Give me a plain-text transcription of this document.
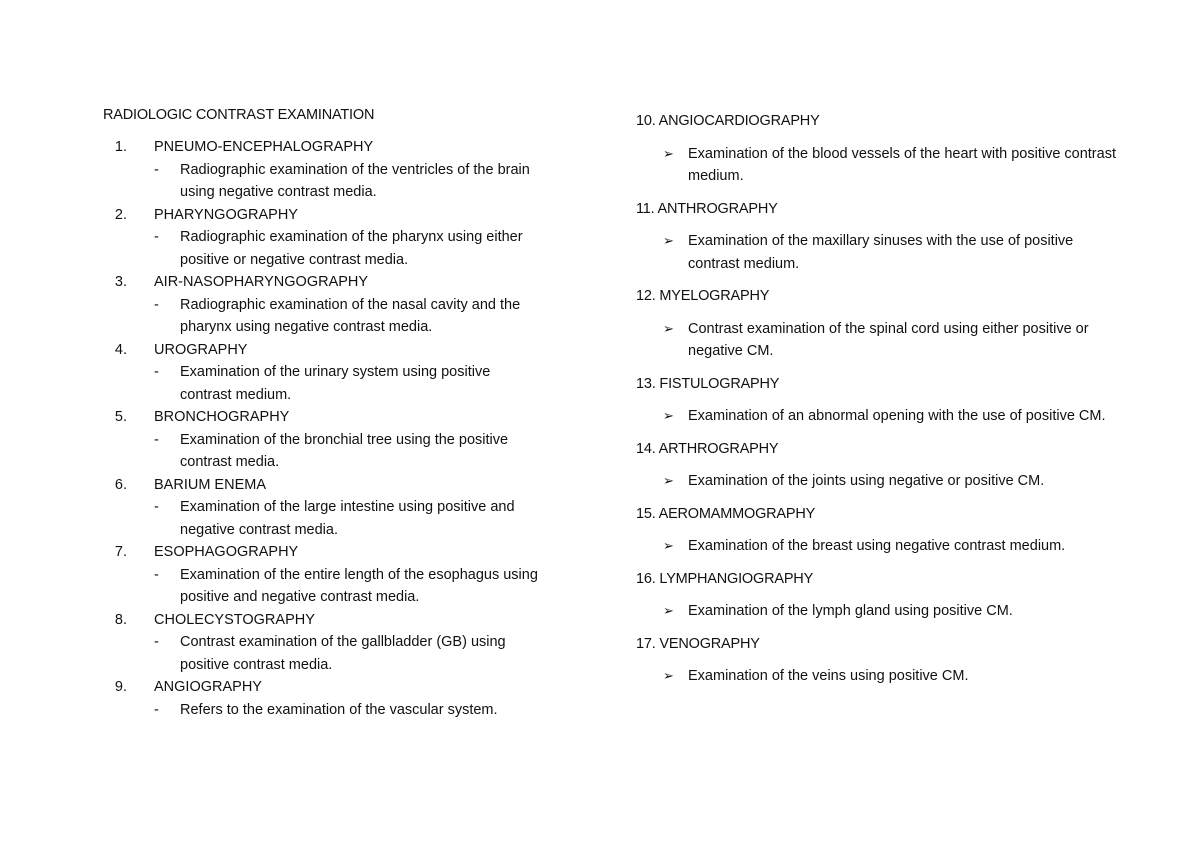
RADIOLOGIC CONTRAST EXAMINATION
1. PNEUMO-ENCEPHALOGRAPHY
-	Radiographic examination of the ventricles of the brain using negative contrast media.
2. PHARYNGOGRAPHY
-	Radiographic examination of the pharynx using either positive or negative contrast media.
3. AIR-NASOPHARYNGOGRAPHY
-	Radiographic examination of the nasal cavity and the pharynx using negative contrast media.
4. UROGRAPHY
-	Examination of the urinary system using positive contrast medium.
5. BRONCHOGRAPHY
-	Examination of the bronchial tree using the positive contrast media.
6. BARIUM ENEMA
-	Examination of the large intestine using positive and negative contrast media.
7. ESOPHAGOGRAPHY
-	Examination of the entire length of the esophagus using positive and negative contrast media.
8. CHOLECYSTOGRAPHY
-	Contrast examination of the gallbladder (GB) using positive contrast media.
9. ANGIOGRAPHY
-	Refers to the examination of the vascular system.
10. ANGIOCARDIOGRAPHY
➢ Examination of the blood vessels of the heart with positive contrast medium.
11. ANTHROGRAPHY
➢ Examination of the maxillary sinuses with the use of positive contrast medium.
12. MYELOGRAPHY
➢ Contrast examination of the spinal cord using either positive or negative CM.
13. FISTULOGRAPHY
➢ Examination of an abnormal opening with the use of positive CM.
14. ARTHROGRAPHY
➢ Examination of the joints using negative or positive CM.
15. AEROMAMMOGRAPHY
➢ Examination of the breast using negative contrast medium.
16. LYMPHANGIOGRAPHY
➢ Examination of the lymph gland using positive CM.
17. VENOGRAPHY
➢ Examination of the veins using positive CM.
